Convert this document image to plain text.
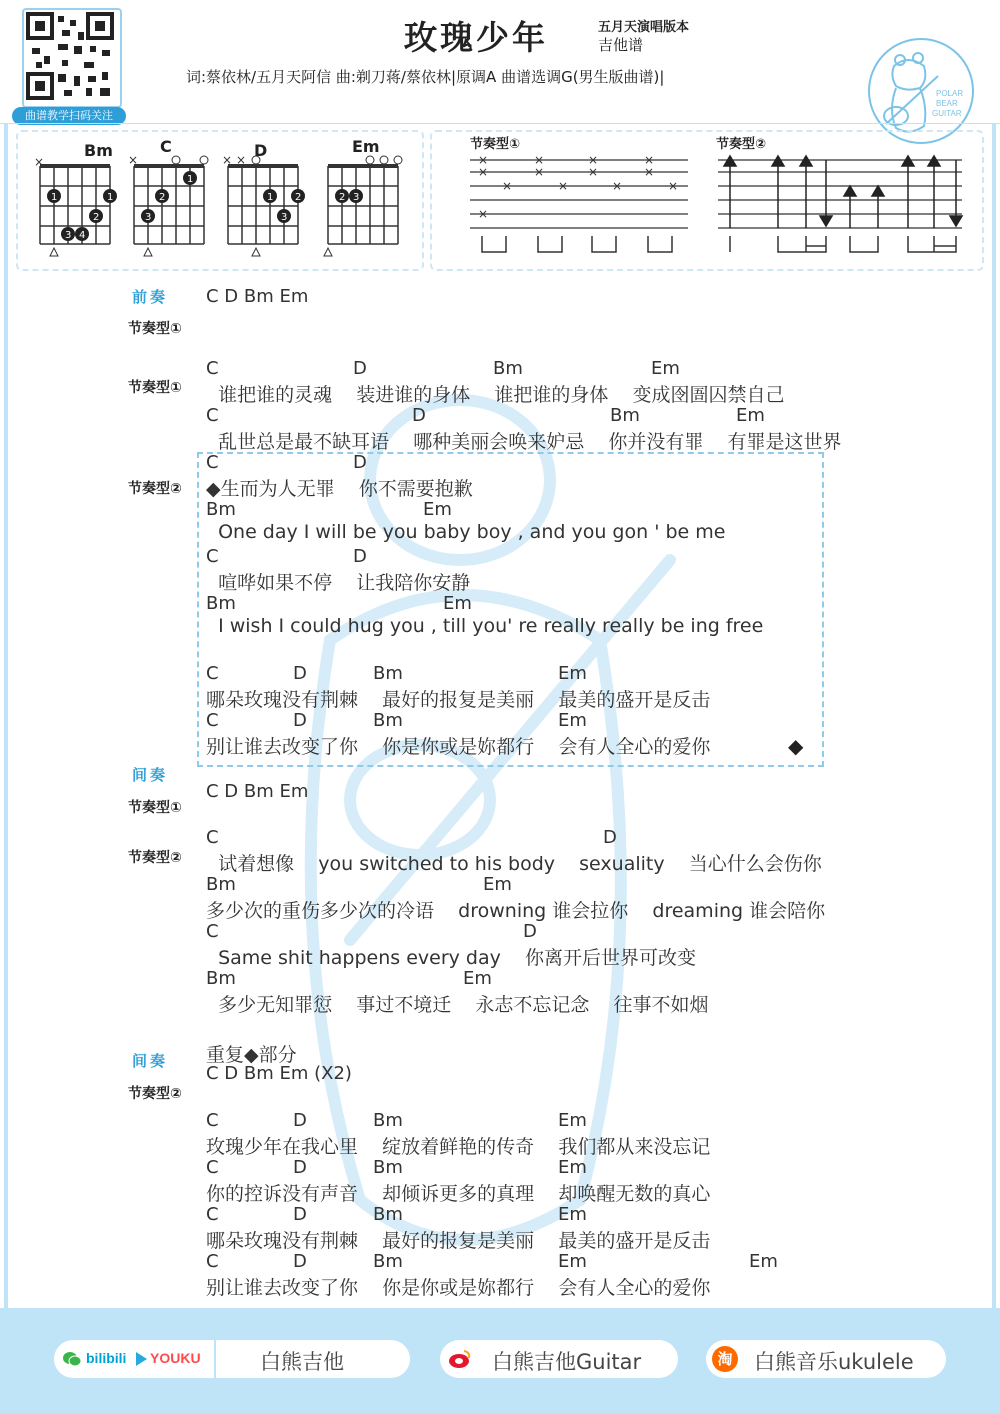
曲谱教学扫码关注
玫瑰少年	五月天演唱版本
吉他谱
词:蔡依林/五月天阿信 曲:剃刀蒋/蔡依林|原调A 曲谱选调G(男生版曲谱)|
POLAR
BEAR
GUITAR
Bm
×
1	1
2
3 4
C
×
1
2
3
D
× ×
1 2
3
Em
2 3
节奏型①
×
×
×
×
×
×
×
×
×
×
×
×
×
节奏型②
前奏 C D Bm Em
节奏型①
节奏型①
节奏型②
◆
间奏
C D Bm Em
节奏型①
节奏型②
间奏 重复◆部分
C D Bm Em (X2)
节奏型②
C	D	Bm	Em
谁把谁的灵魂    装进谁的身体    谁把谁的身体    变成囹圄囚禁自己
C	D	Bm	Em
乱世总是最不缺耳语    哪种美丽会唤来妒忌    你并没有罪    有罪是这世界
C	D
◆生而为人无罪    你不需要抱歉
Bm	Em
One day I will be you baby boy , and you gon ' be me
C	D
喧哗如果不停    让我陪你安静
Bm	Em
I wish I could hug you , till you' re really really be ing free
C	D	Bm	Em
哪朵玫瑰没有荆棘    最好的报复是美丽    最美的盛开是反击
C	D	Bm	Em
别让谁去改变了你    你是你或是妳都行    会有人全心的爱你
C	D
试着想像    you switched to his body    sexuality    当心什么会伤你
Bm	Em
多少次的重伤多少次的冷语    drowning 谁会拉你    dreaming 谁会陪你
C	D
Same shit happens every day    你离开后世界可改变
Bm	Em
多少无知罪愆    事过不境迁    永志不忘记念    往事不如烟
C	D	Bm	Em
玫瑰少年在我心里    绽放着鲜艳的传奇    我们都从来没忘记
C	D	Bm	Em
你的控诉没有声音    却倾诉更多的真理    却唤醒无数的真心
C	D	Bm	Em
哪朵玫瑰没有荆棘    最好的报复是美丽    最美的盛开是反击
C	D	Bm	Em	Em
别让谁去改变了你    你是你或是妳都行    会有人全心的爱你
bilibili YOUKU	白熊吉他	白熊吉他Guitar	淘 白熊音乐ukulele
